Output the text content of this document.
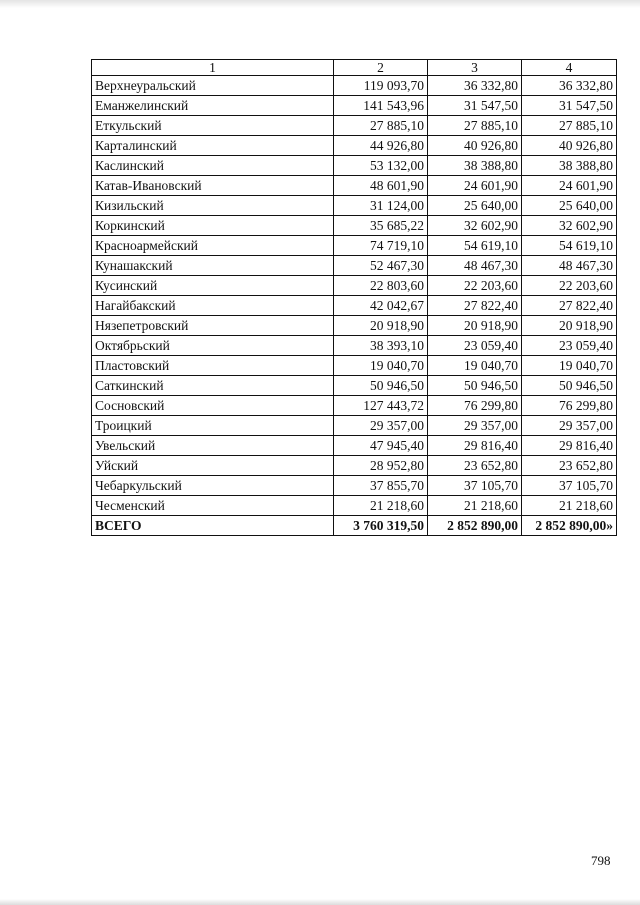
1	2	3	4
Верхнеуральский	119 093,70	36 332,80	36 332,80
Еманжелинский	141 543,96	31 547,50	31 547,50
Еткульский	27 885,10	27 885,10	27 885,10
Карталинский	44 926,80	40 926,80	40 926,80
Каслинский	53 132,00	38 388,80	38 388,80
Катав-Ивановский	48 601,90	24 601,90	24 601,90
Кизильский	31 124,00	25 640,00	25 640,00
Коркинский	35 685,22	32 602,90	32 602,90
Красноармейский	74 719,10	54 619,10	54 619,10
Кунашакский	52 467,30	48 467,30	48 467,30
Кусинский	22 803,60	22 203,60	22 203,60
Нагайбакский	42 042,67	27 822,40	27 822,40
Нязепетровский	20 918,90	20 918,90	20 918,90
Октябрьский	38 393,10	23 059,40	23 059,40
Пластовский	19 040,70	19 040,70	19 040,70
Саткинский	50 946,50	50 946,50	50 946,50
Сосновский	127 443,72	76 299,80	76 299,80
Троицкий	29 357,00	29 357,00	29 357,00
Увельский	47 945,40	29 816,40	29 816,40
Уйский	28 952,80	23 652,80	23 652,80
Чебаркульский	37 855,70	37 105,70	37 105,70
Чесменский	21 218,60	21 218,60	21 218,60
ВСЕГО	3 760 319,50	2 852 890,00	2 852 890,00»
798
